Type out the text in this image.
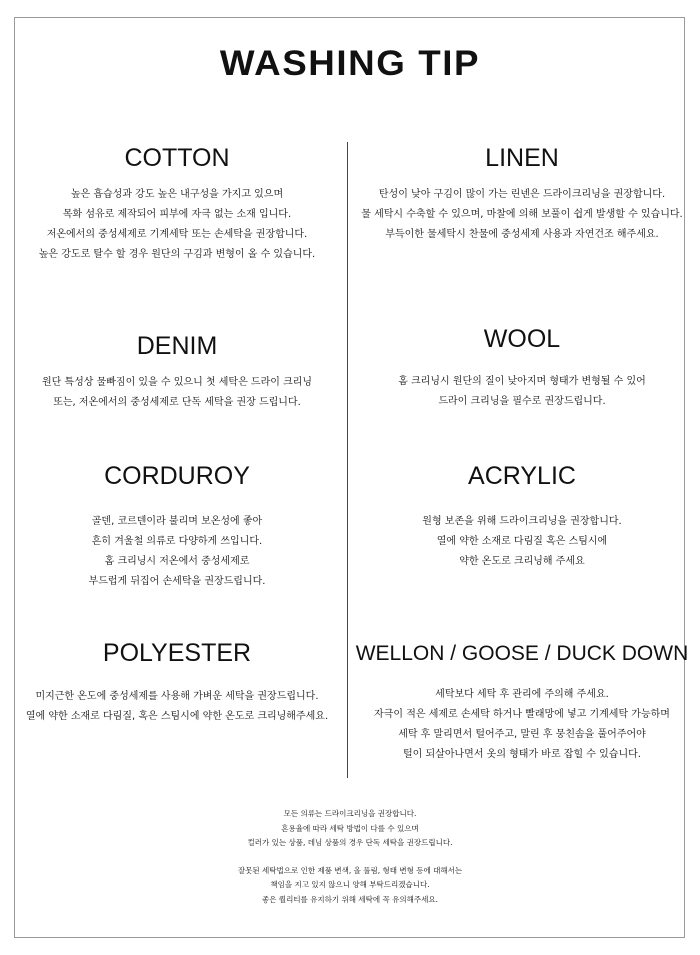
WASHING TIP
COTTON
높은 흡습성과 강도 높은 내구성을 가지고 있으며
목화 섬유로 제작되어 피부에 자극 없는 소재 입니다.
저온에서의 중성세제로 기계세탁 또는 손세탁을 권장합니다.
높은 강도로 탈수 할 경우 원단의 구김과 변형이 올 수 있습니다.
LINEN
탄성이 낮아 구김이 많이 가는 린넨은 드라이크리닝을 권장합니다.
물 세탁시 수축할 수 있으며, 마찰에 의해 보풀이 쉽게 발생할 수 있습니다.
부득이한 물세탁시 찬물에 중성세제 사용과 자연건조 해주세요.
DENIM
원단 특성상 물빠짐이 있을 수 있으니 첫 세탁은 드라이 크리닝
또는, 저온에서의 중성세제로 단독 세탁을 권장 드립니다.
WOOL
홈 크리닝시 원단의 질이 낮아지며 형태가 변형될 수 있어
드라이 크리닝을 필수로 권장드립니다.
CORDUROY
골덴, 코르덴이라 불리며 보온성에 좋아
흔히 겨울철 의류로 다양하게 쓰입니다.
홈 크리닝시 저온에서 중성세제로
부드럽게 뒤집어 손세탁을 권장드립니다.
ACRYLIC
원형 보존을 위해 드라이크리닝을 권장합니다.
열에 약한 소재로 다림질 혹은 스팀시에
약한 온도로 크리닝해 주세요
POLYESTER
미지근한 온도에 중성세제를 사용해 가벼운 세탁을 권장드립니다.
열에 약한 소재로 다림질, 혹은 스팀시에 약한 온도로 크리닝해주세요.
WELLON / GOOSE / DUCK DOWN
세탁보다 세탁 후 관리에 주의해 주세요.
자극이 적은 세제로 손세탁 하거나 빨래망에 넣고 기계세탁 가능하며
세탁 후 말리면서 털어주고, 말린 후 뭉친솜을 풀어주어야
털이 되살아나면서 옷의 형태가 바로 잡힐 수 있습니다.
모든 의류는 드라이크리닝을 권장합니다.
혼용율에 따라 세탁 방법이 다를 수 있으며
컬러가 있는 상품, 데님 상품의 경우 단독 세탁을 권장드립니다.
잘못된 세탁법으로 인한 제품 변색, 올 풀림, 형태 변형 등에 대해서는
책임을 지고 있지 않으니 양해 부탁드리겠습니다.
좋은 퀄리티를 유지하기 위해 세탁에 꼭 유의해주세요.
